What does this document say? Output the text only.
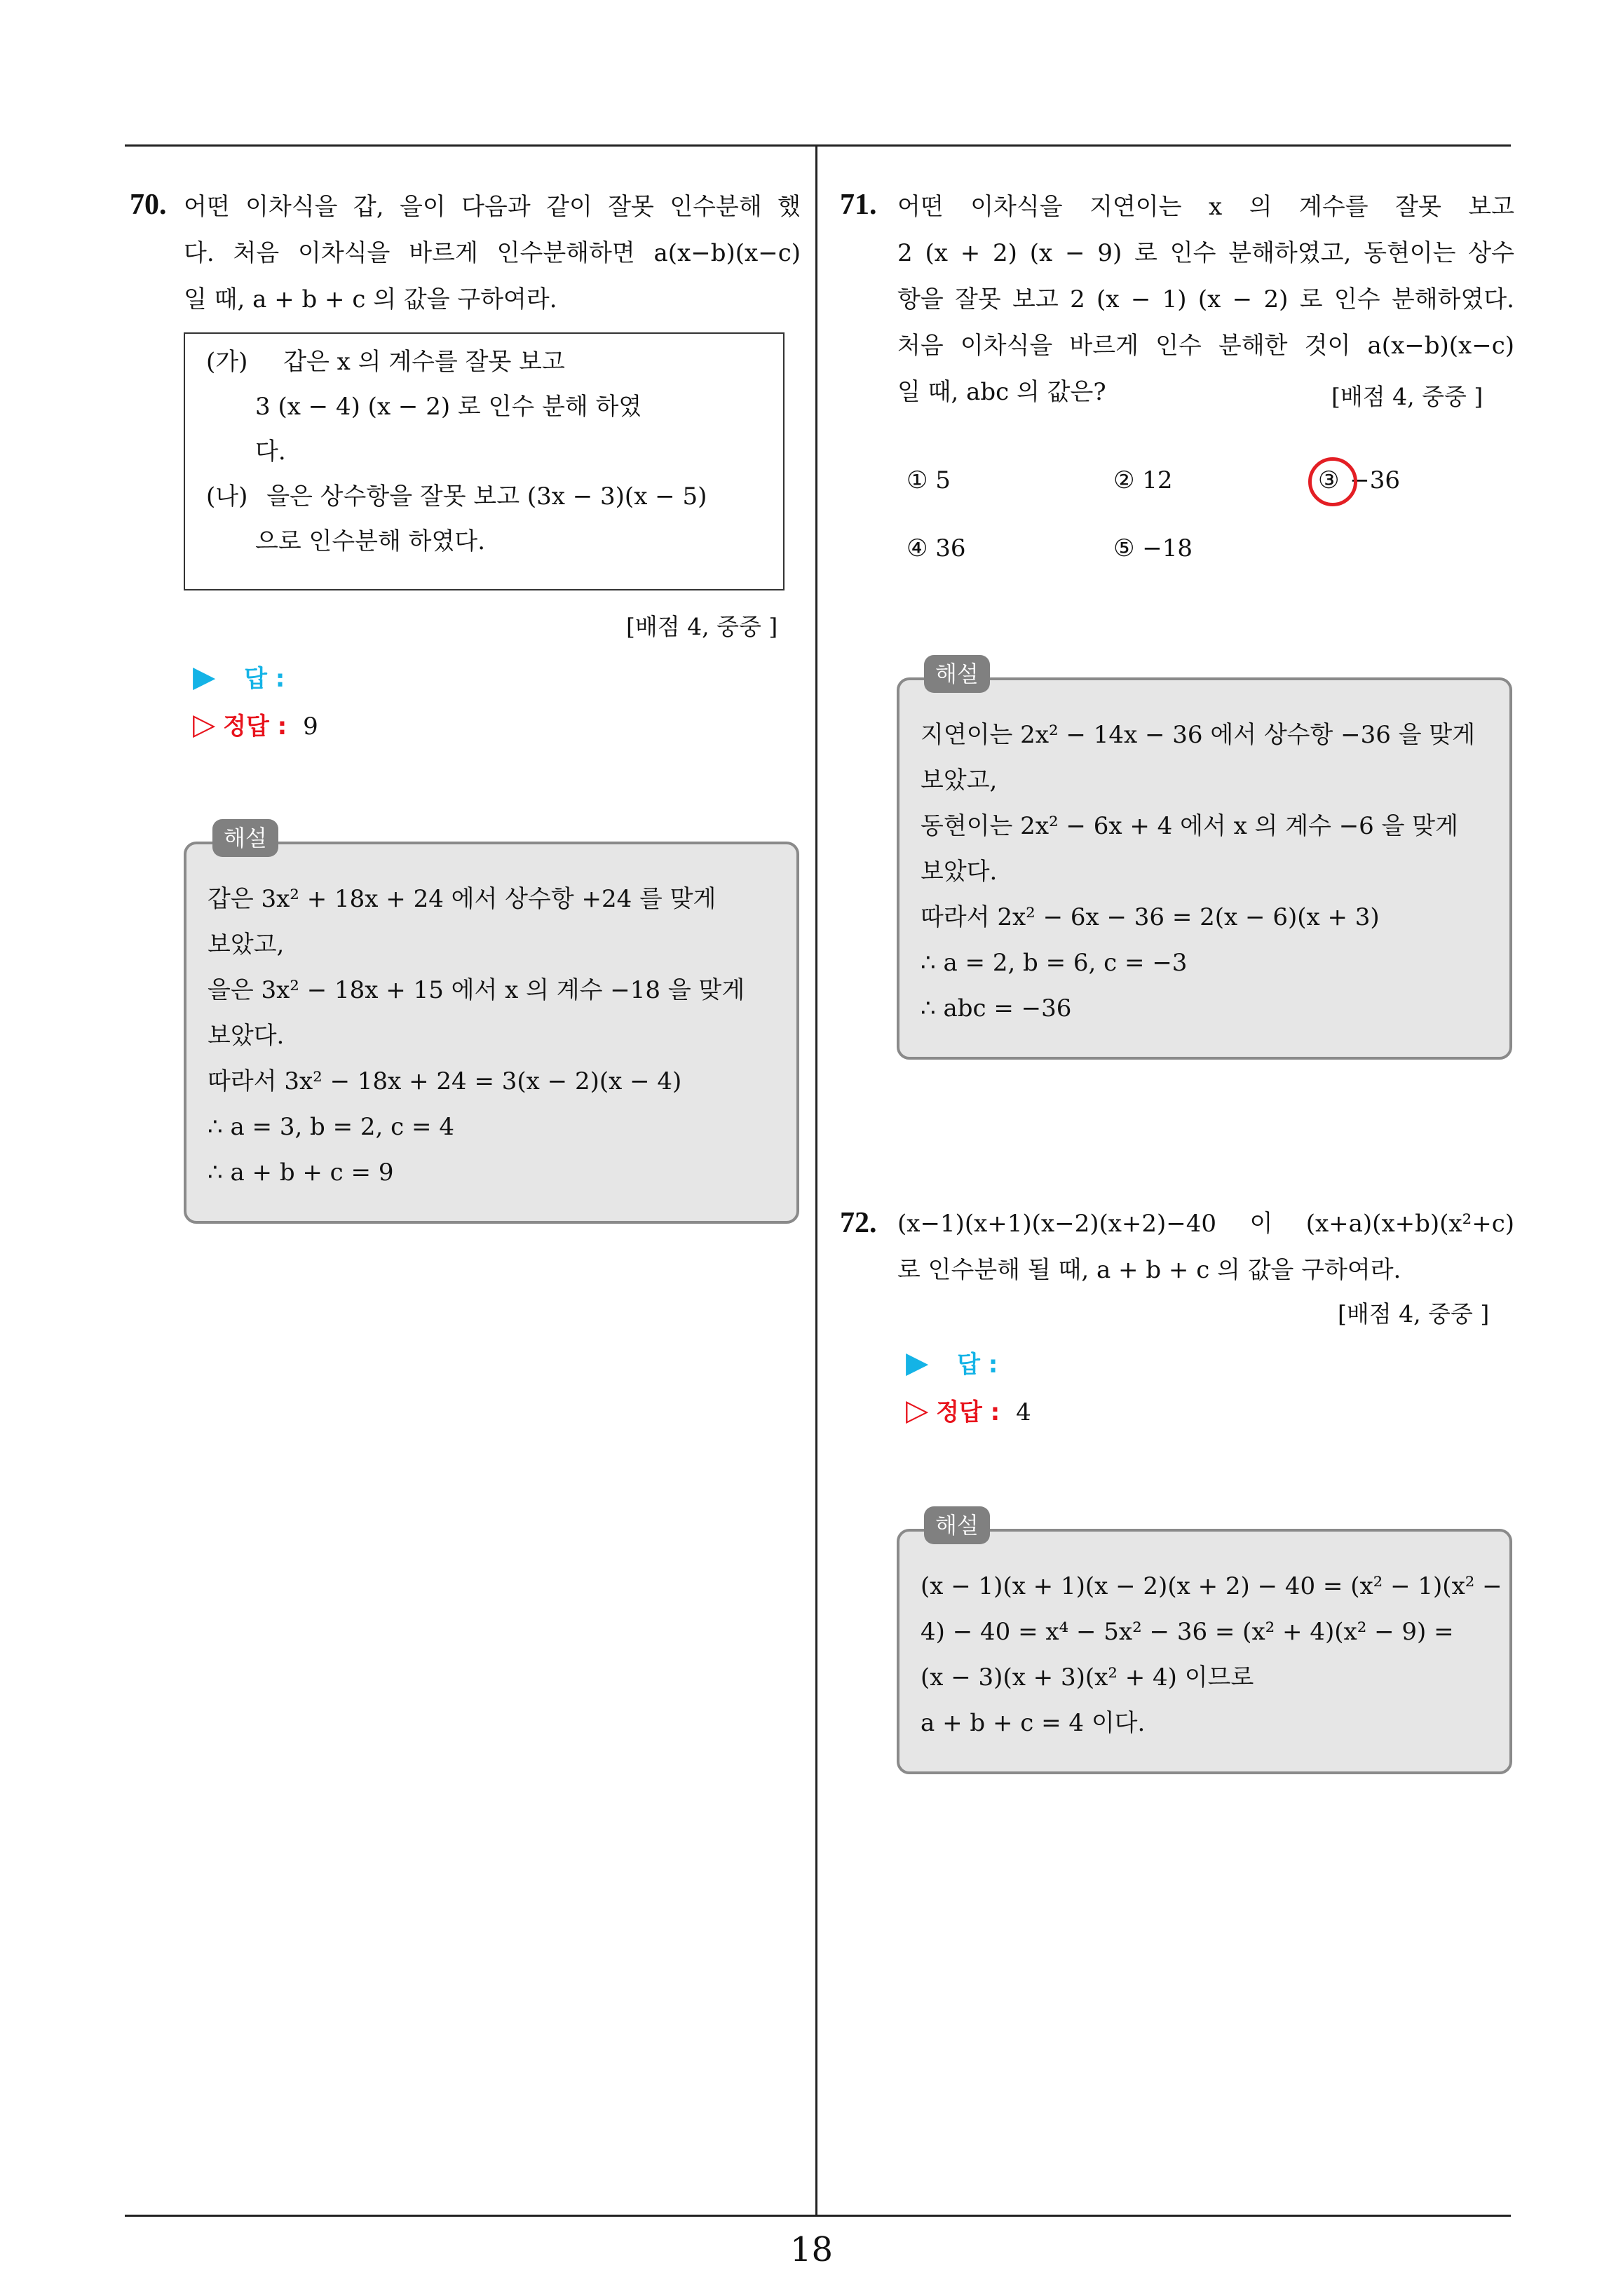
18
70. 어떤 이차식을 갑, 을이 다음과 같이 잘못 인수분해 했
다. 처음 이차식을 바르게 인수분해하면 a(x−b)(x−c)
일 때, a + b + c 의 값을 구하여라.
(가) 갑은 x 의 계수를 잘못 보고
3 (x − 4) (x − 2) 로 인수 분해 하였
다.
(나) 을은 상수항을 잘못 보고 (3x − 3)(x − 5)
으로 인수분해 하였다.
[배점 4, 중중 ]
▶ 답 :
▷ 정답 : 9
갑은 3x² + 18x + 24 에서 상수항 +24 를 맞게
보았고,
을은 3x² − 18x + 15 에서 x 의 계수 −18 을 맞게
보았다.
따라서 3x² − 18x + 24 = 3(x − 2)(x − 4)
∴ a = 3, b = 2, c = 4
∴ a + b + c = 9
해설
71. 어떤 이차식을 지연이는 x 의 계수를 잘못 보고
2 (x + 2) (x − 9) 로 인수 분해하였고, 동현이는 상수
항을 잘못 보고 2 (x − 1) (x − 2) 로 인수 분해하였다.
처음 이차식을 바르게 인수 분해한 것이 a(x−b)(x−c)
일 때, abc 의 값은?	[배점 4, 중중 ]
① 5	② 12	③ −36
④ 36	⑤ −18
지연이는 2x² − 14x − 36 에서 상수항 −36 을 맞게
보았고,
동현이는 2x² − 6x + 4 에서 x 의 계수 −6 을 맞게
보았다.
따라서 2x² − 6x − 36 = 2(x − 6)(x + 3)
∴ a = 2, b = 6, c = −3
∴ abc = −36
해설
72. (x−1)(x+1)(x−2)(x+2)−40 이 (x+a)(x+b)(x²+c)
로 인수분해 될 때, a + b + c 의 값을 구하여라.
[배점 4, 중중 ]
▶ 답 :
▷ 정답 : 4
(x − 1)(x + 1)(x − 2)(x + 2) − 40 = (x² − 1)(x² −
4) − 40 = x⁴ − 5x² − 36 = (x² + 4)(x² − 9) =
(x − 3)(x + 3)(x² + 4) 이므로
a + b + c = 4 이다.
해설
